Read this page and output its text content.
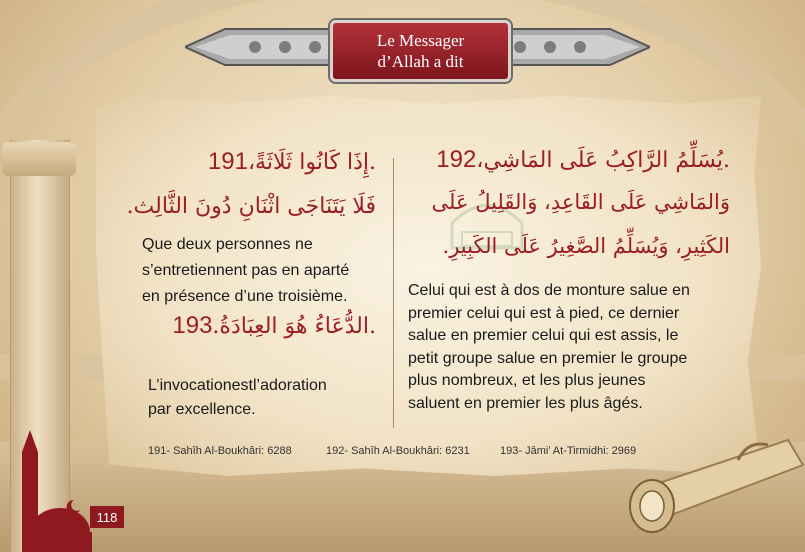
Le Messager
d’Allah a dit
.إِذَا كَانُوا ثَلَاثَةً،191
فَلَا يَتَنَاجَى اثْنَانِ دُونَ الثَّالِث.
Que deux personnes ne
s’entretiennent pas en aparté
en présence d’une troisième.
.الدُّعَاءُ هُوَ العِبَادَةُ.193
L’invocationestl’adoration
par excellence.
.يُسَلِّمُ الرَّاكِبُ عَلَى المَاشِي،192
وَالمَاشِي عَلَى القَاعِدِ، وَالقَلِيلُ عَلَى
الكَثِيرِ، وَيُسَلِّمُ الصَّغِيرُ عَلَى الكَبِيرِ.
Celui qui est à dos de monture salue en
premier celui qui est à pied, ce dernier
salue en premier celui qui est assis, le
petit groupe salue en premier le groupe
plus nombreux, et les plus jeunes
saluent en premier les plus âgés.
191- Sahîh Al-Boukhâri: 6288	192- Sahîh Al-Boukhâri: 6231	193- Jâmi’ At-Tirmidhi: 2969
118
